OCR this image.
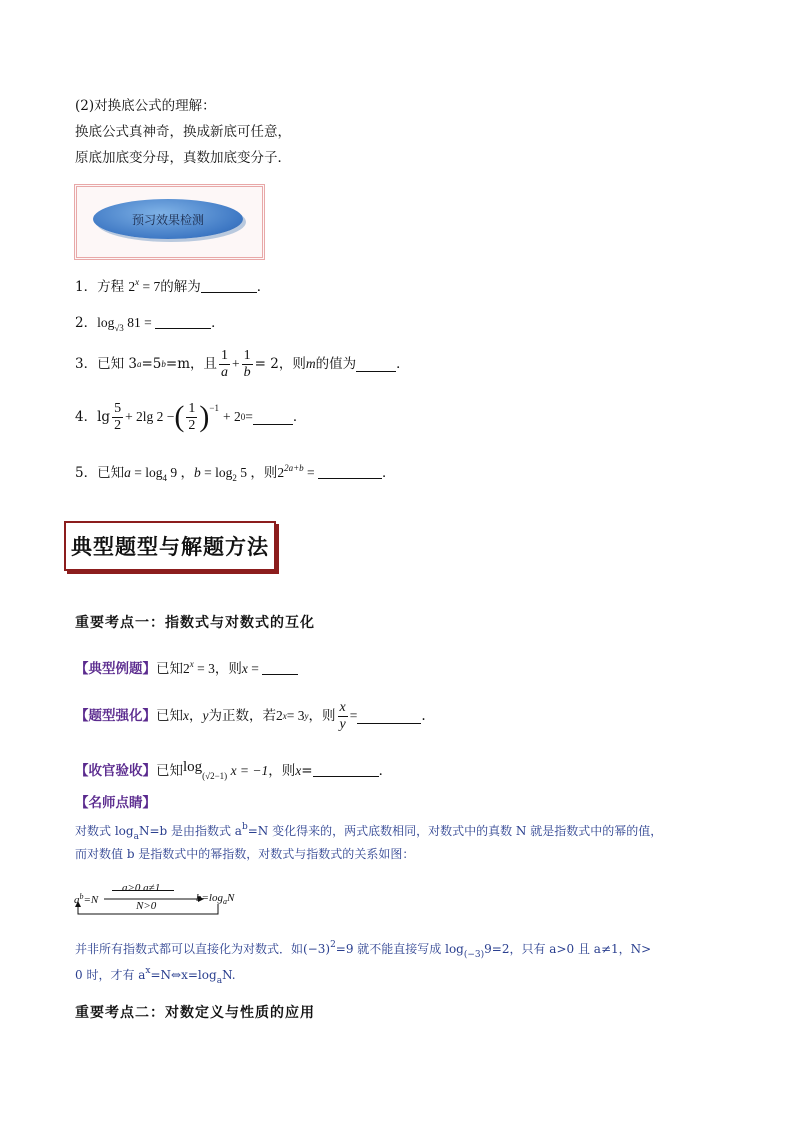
(2)对换底公式的理解：
换底公式真神奇，换成新底可任意，
原底加底变分母，真数加底变分子．
预习效果检测
1．方程 $2^x = 7$的解为	．
2．$\log_{√3} 81$ =	．
3．已知 3 a =5 b =m，且 $\frac{1}{a} + \frac{1}{b} = 2$，则 m 的值为	．
4．$\lg \frac{5}{2} + 2\lg$ 2 − ( $\frac{1}{2}$ ) −1
+ 2 0 =	．
5．已知$a = \log_4 9$ ，$b = \log_2 5$ ，则$2^{2a+b}$ =	．
典型题型与解题方法
重要考点一：指数式与对数式的互化
【典型例题】已知$2^x = 3$，则x =
【题型强化】 已知 x ， y 为正数，若 2 x = 3 y ，则 $\frac{x}{y}$ =	.
【收官验收】已知$\log_{(√2-1)} x = -1$，则x=	．
【名师点睛】
对数式 $\log_aN=b$ 是由指数式 $a^b=N$ 变化得来的，两式底数相同，对数式中的真数 N 就是指数式中的幂的值，
而对数值 b 是指数式中的幂指数，对数式与指数式的关系如图：
$a^b=N$
a>0 a≠1
N>0
$b=\log_aN$
并非所有指数式都可以直接化为对数式．如$(-3)^2=9$ 就不能直接写成 $\log_{(-3)}9=2$，只有 a>0 且 a≠1，N>
0 时，才有 $a^x=N\Leftrightarrow x=\log_aN$.
重要考点二：对数定义与性质的应用
